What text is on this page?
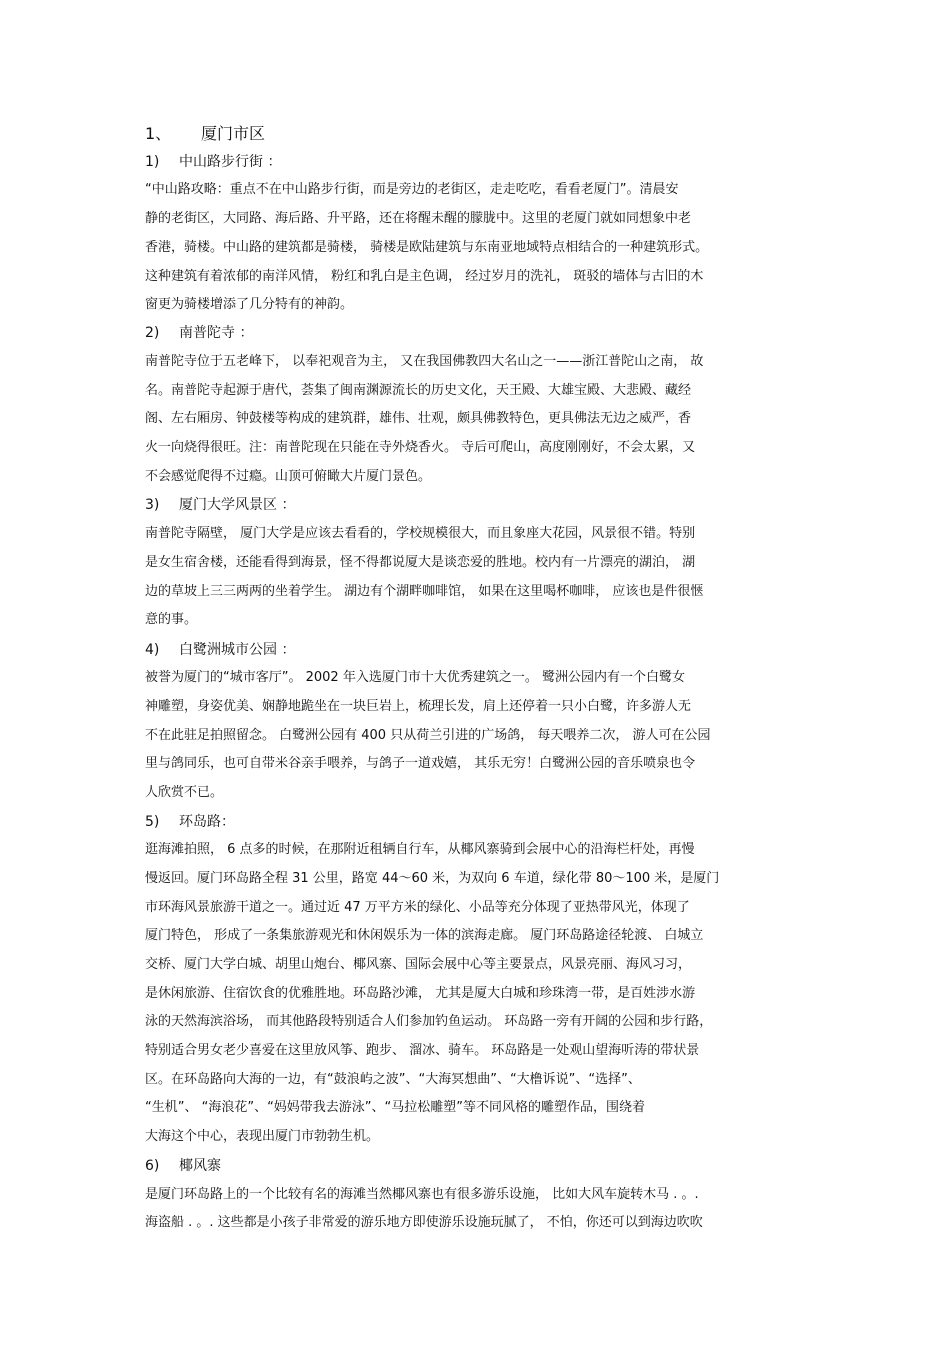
1、 厦门市区
1) 中山路步行街 ：
“中山路攻略：重点不在中山路步行街，而是旁边的老街区，走走吃吃，看看老厦门”。清晨安
静的老街区，大同路、海后路、升平路，还在将醒未醒的朦胧中。这里的老厦门就如同想象中老
香港，骑楼。中山路的建筑都是骑楼， 骑楼是欧陆建筑与东南亚地域特点相结合的一种建筑形式。
这种建筑有着浓郁的南洋风情， 粉红和乳白是主色调， 经过岁月的洗礼， 斑驳的墙体与古旧的木
窗更为骑楼增添了几分特有的神韵。
2) 南普陀寺 ：
南普陀寺位于五老峰下， 以奉祀观音为主， 又在我国佛教四大名山之一——浙江普陀山之南， 故
名。南普陀寺起源于唐代，荟集了闽南渊源流长的历史文化，天王殿、大雄宝殿、大悲殿、藏经
阁、左右厢房、钟鼓楼等构成的建筑群，雄伟、壮观，颇具佛教特色，更具佛法无边之威严，香
火一向烧得很旺。注：南普陀现在只能在寺外烧香火。 寺后可爬山，高度刚刚好，不会太累，又
不会感觉爬得不过瘾。山顶可俯瞰大片厦门景色。
3) 厦门大学风景区 ：
南普陀寺隔壁， 厦门大学是应该去看看的，学校规模很大，而且象座大花园，风景很不错。特别
是女生宿舍楼，还能看得到海景，怪不得都说厦大是谈恋爱的胜地。校内有一片漂亮的湖泊， 湖
边的草坡上三三两两的坐着学生。 湖边有个湖畔咖啡馆， 如果在这里喝杯咖啡， 应该也是件很惬
意的事。
4) 白鹭洲城市公园 ：
被誉为厦门的“城市客厅”。 2002 年入选厦门市十大优秀建筑之一。 鹭洲公园内有一个白鹭女
神雕塑，身姿优美、娴静地跪坐在一块巨岩上，梳理长发，肩上还停着一只小白鹭，许多游人无
不在此驻足拍照留念。 白鹭洲公园有 400 只从荷兰引进的广场鸽， 每天喂养二次， 游人可在公园
里与鸽同乐，也可自带米谷亲手喂养，与鸽子一道戏嬉， 其乐无穷！白鹭洲公园的音乐喷泉也令
人欣赏不已。
5) 环岛路：
逛海滩拍照， 6 点多的时候，在那附近租辆自行车，从椰风寨骑到会展中心的沿海栏杆处，再慢
慢返回。厦门环岛路全程 31 公里，路宽 44～60 米，为双向 6 车道，绿化带 80～100 米，是厦门
市环海风景旅游干道之一。通过近 47 万平方米的绿化、小品等充分体现了亚热带风光，体现了
厦门特色， 形成了一条集旅游观光和休闲娱乐为一体的滨海走廊。 厦门环岛路途径轮渡、 白城立
交桥、厦门大学白城、胡里山炮台、椰风寨、国际会展中心等主要景点，风景亮丽、海风习习，
是休闲旅游、住宿饮食的优雅胜地。环岛路沙滩， 尤其是厦大白城和珍珠湾一带，是百姓涉水游
泳的天然海滨浴场， 而其他路段特别适合人们参加钓鱼运动。 环岛路一旁有开阔的公园和步行路，
特别适合男女老少喜爱在这里放风筝、跑步、 溜冰、骑车。 环岛路是一处观山望海听涛的带状景
区。在环岛路向大海的一边，有“鼓浪屿之波”、“大海冥想曲”、“大橹诉说”、“选择”、
“生机”、 “海浪花”、“妈妈带我去游泳”、“马拉松雕塑”等不同风格的雕塑作品，围绕着
大海这个中心，表现出厦门市勃勃生机。
6) 椰风寨
是厦门环岛路上的一个比较有名的海滩当然椰风寨也有很多游乐设施， 比如大风车旋转木马 . 。.
海盗船 . 。. 这些都是小孩子非常爱的游乐地方即使游乐设施玩腻了， 不怕，你还可以到海边吹吹
